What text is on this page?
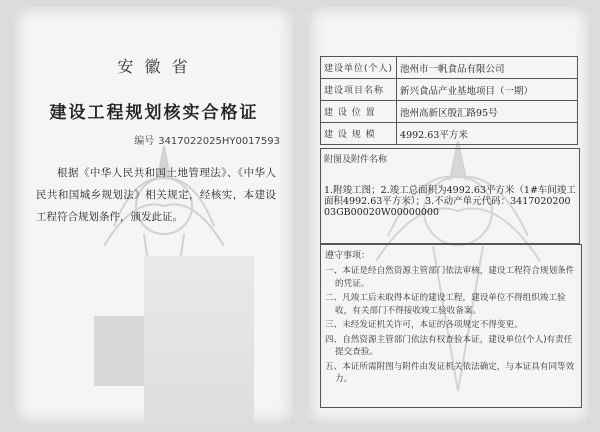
安 徽 省
建设工程规划核实合格证
编号 3417022025HY0017593
根据《中华人民共和国土地管理法》、《中华人民共和国城乡规划法》相关规定，经核实，本建设工程符合规划条件，颁发此证。
建设单位(个人)	池州市一帆食品有限公司
建设项目名称	新兴食品产业基地项目（一期）
建 设 位 置	池州高新区殷汇路95号
建 设 规 模	4992.63平方米
附图及附件名称
1.附竣工图；2.竣工总面积为4992.63平方米（1#车间竣工面积4992.63平方米）；3.不动产单元代码：341702020003GB00020W00000000
遵守事项：
一、本证是经自然资源主管部门依法审核，建设工程符合规划条件的凭证。
二、凡竣工后未取得本证的建设工程，建设单位不得组织竣工验收，有关部门不得接收竣工验收备案。
三、未经发证机关许可，本证的各项规定不得变更。
四、自然资源主管部门依法有权查验本证，建设单位(个人)有责任提交查验。
五、本证所需附图与附件由发证机关依法确定，与本证具有同等效力。
